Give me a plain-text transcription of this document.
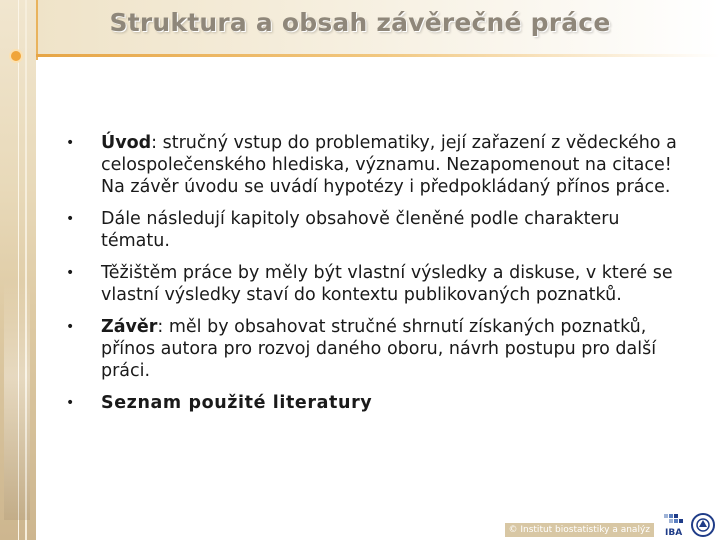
Struktura a obsah závěrečné práce
• Úvod: stručný vstup do problematiky, její zařazení z vědeckého a celospolečenského hlediska, významu. Nezapomenout na citace! Na závěr úvodu se uvádí hypotézy i předpokládaný přínos práce.
• Dále následují kapitoly obsahově členěné podle charakteru tématu.
• Těžištěm práce by měly být vlastní výsledky a diskuse, v které se vlastní výsledky staví do kontextu publikovaných poznatků.
• Závěr: měl by obsahovat stručné shrnutí získaných poznatků, přínos autora pro rozvoj daného oboru, návrh postupu pro další práci.
• Seznam použité literatury
© Institut biostatistiky a analýz	IBA
